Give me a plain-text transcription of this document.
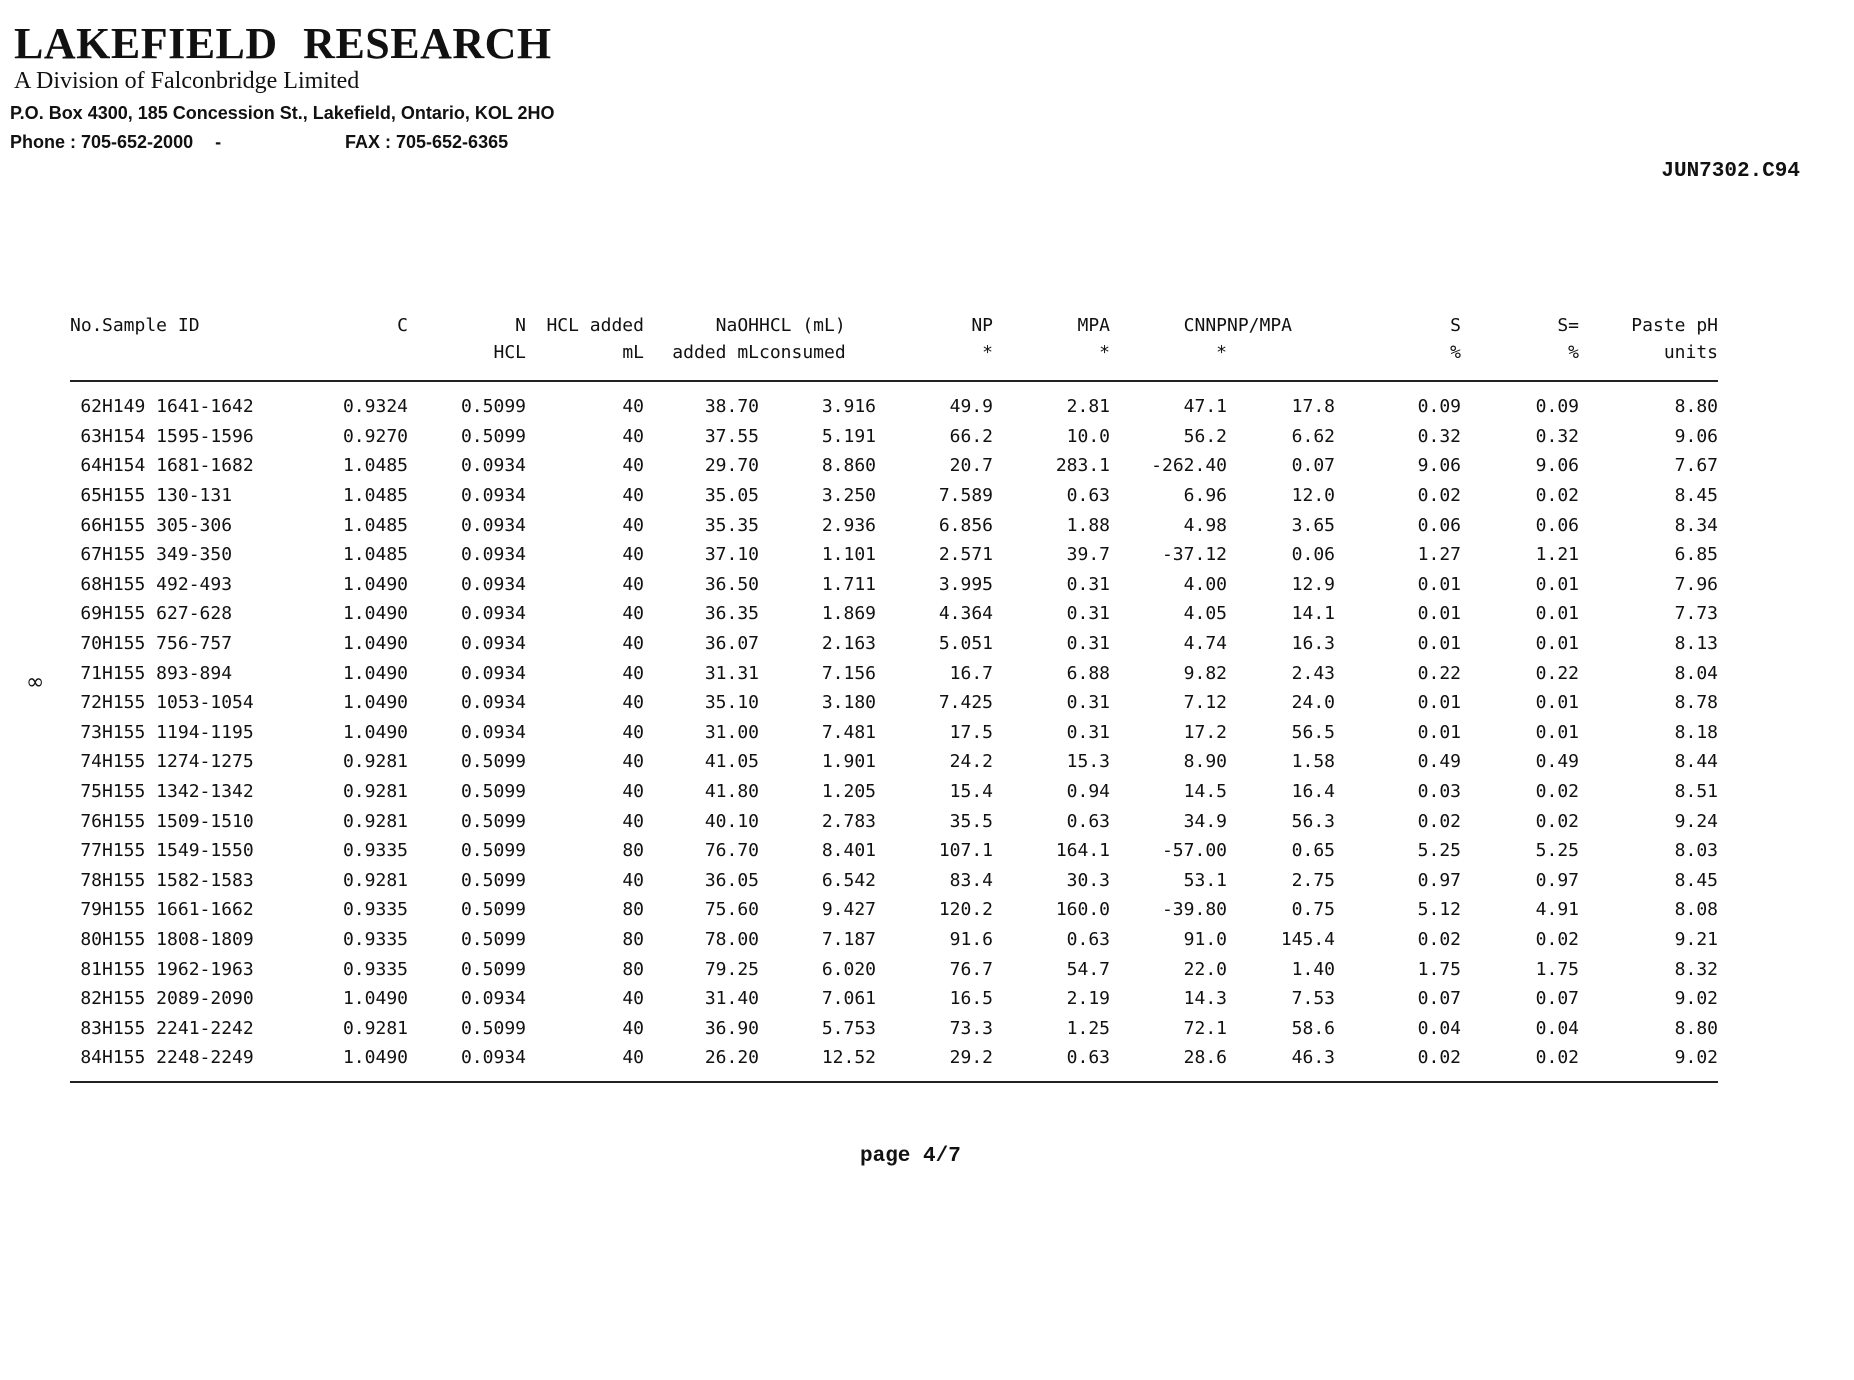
LAKEFIELD RESEARCH
A Division of Falconbridge Limited
P.O. Box 4300, 185 Concession St., Lakefield, Ontario, KOL 2HO
Phone : 705-652-2000 -	FAX : 705-652-6365
JUN7302.C94
No.	Sample ID	C	N	HCL added	NaOH	HCL (mL)	NP	MPA	CNNP	NP/MPA	S	S=	Paste pH
			HCL	mL	added mL	consumed	*	*	*		%	%	units
62	H149 1641-1642	0.9324	0.5099	40	38.70	3.916	49.9	2.81	47.1	17.8	0.09	0.09	8.80
63	H154 1595-1596	0.9270	0.5099	40	37.55	5.191	66.2	10.0	56.2	6.62	0.32	0.32	9.06
64	H154 1681-1682	1.0485	0.0934	40	29.70	8.860	20.7	283.1	-262.40	0.07	9.06	9.06	7.67
65	H155 130-131	1.0485	0.0934	40	35.05	3.250	7.589	0.63	6.96	12.0	0.02	0.02	8.45
66	H155 305-306	1.0485	0.0934	40	35.35	2.936	6.856	1.88	4.98	3.65	0.06	0.06	8.34
67	H155 349-350	1.0485	0.0934	40	37.10	1.101	2.571	39.7	-37.12	0.06	1.27	1.21	6.85
68	H155 492-493	1.0490	0.0934	40	36.50	1.711	3.995	0.31	4.00	12.9	0.01	0.01	7.96
69	H155 627-628	1.0490	0.0934	40	36.35	1.869	4.364	0.31	4.05	14.1	0.01	0.01	7.73
70	H155 756-757	1.0490	0.0934	40	36.07	2.163	5.051	0.31	4.74	16.3	0.01	0.01	8.13
71	H155 893-894	1.0490	0.0934	40	31.31	7.156	16.7	6.88	9.82	2.43	0.22	0.22	8.04
72	H155 1053-1054	1.0490	0.0934	40	35.10	3.180	7.425	0.31	7.12	24.0	0.01	0.01	8.78
73	H155 1194-1195	1.0490	0.0934	40	31.00	7.481	17.5	0.31	17.2	56.5	0.01	0.01	8.18
74	H155 1274-1275	0.9281	0.5099	40	41.05	1.901	24.2	15.3	8.90	1.58	0.49	0.49	8.44
75	H155 1342-1342	0.9281	0.5099	40	41.80	1.205	15.4	0.94	14.5	16.4	0.03	0.02	8.51
76	H155 1509-1510	0.9281	0.5099	40	40.10	2.783	35.5	0.63	34.9	56.3	0.02	0.02	9.24
77	H155 1549-1550	0.9335	0.5099	80	76.70	8.401	107.1	164.1	-57.00	0.65	5.25	5.25	8.03
78	H155 1582-1583	0.9281	0.5099	40	36.05	6.542	83.4	30.3	53.1	2.75	0.97	0.97	8.45
79	H155 1661-1662	0.9335	0.5099	80	75.60	9.427	120.2	160.0	-39.80	0.75	5.12	4.91	8.08
80	H155 1808-1809	0.9335	0.5099	80	78.00	7.187	91.6	0.63	91.0	145.4	0.02	0.02	9.21
81	H155 1962-1963	0.9335	0.5099	80	79.25	6.020	76.7	54.7	22.0	1.40	1.75	1.75	8.32
82	H155 2089-2090	1.0490	0.0934	40	31.40	7.061	16.5	2.19	14.3	7.53	0.07	0.07	9.02
83	H155 2241-2242	0.9281	0.5099	40	36.90	5.753	73.3	1.25	72.1	58.6	0.04	0.04	8.80
84	H155 2248-2249	1.0490	0.0934	40	26.20	12.52	29.2	0.63	28.6	46.3	0.02	0.02	9.02
∞
page 4/7
